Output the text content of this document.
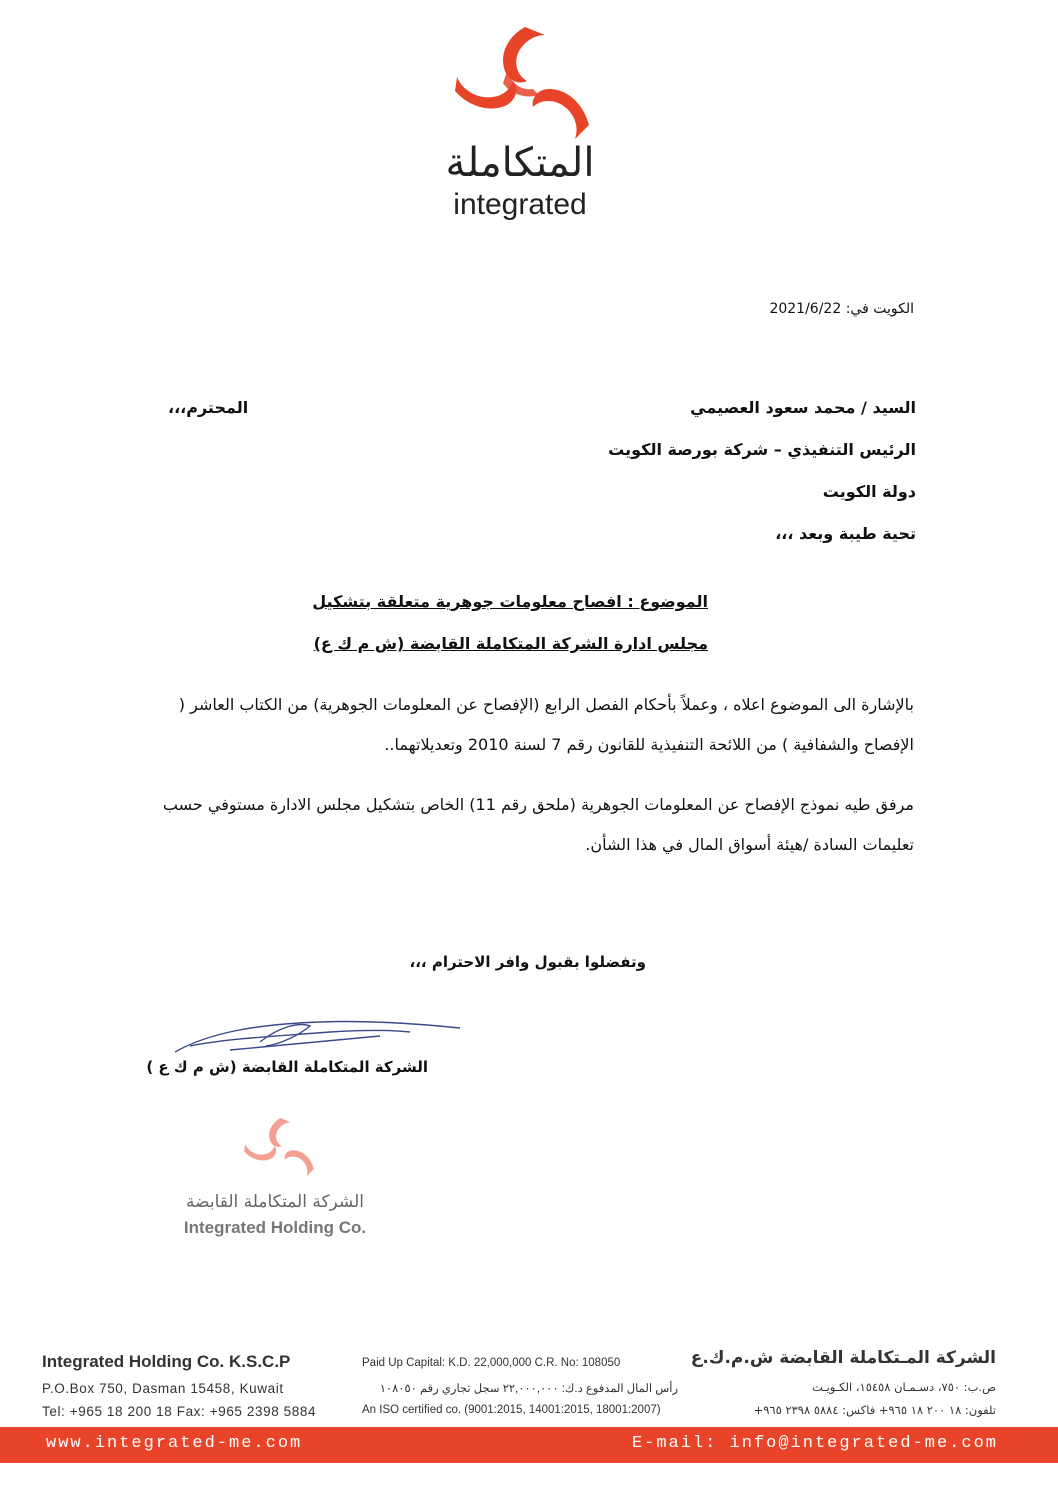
المتكاملة
integrated
الكويت في: 2021/6/22
السيد / محمد سعود العصيمي
المحترم،،،
الرئيس التنفيذي – شركة بورصة الكويت
دولة الكويت
تحية طيبة وبعد ،،،
الموضوع : افصاح معلومات جوهرية متعلقة بتشكيل
مجلس ادارة الشركة المتكاملة القابضة (ش م ك ع)
بالإشارة الى الموضوع اعلاه ، وعملاً بأحكام الفصل الرابع (الإفصاح عن المعلومات الجوهرية) من الكتاب العاشر ( الإفصاح والشفافية ) من اللائحة التنفيذية للقانون رقم 7 لسنة 2010 وتعديلاتهما..
مرفق طيه نموذج الإفصاح عن المعلومات الجوهرية (ملحق رقم 11) الخاص بتشكيل مجلس الادارة مستوفي حسب تعليمات السادة /هيئة أسواق المال في هذا الشأن.
وتفضلوا بقبول وافر الاحترام ،،،
الشركة المتكاملة القابضة (ش م ك ع )
الشركة المتكاملة القابضة
Integrated Holding Co.
Integrated Holding Co. K.S.C.P
P.O.Box 750, Dasman 15458, Kuwait
Tel: +965 18 200 18 Fax: +965 2398 5884
Paid Up Capital: K.D. 22,000,000 C.R. No: 108050
رأس المال المدفوع د.ك: ٢٢,٠٠٠,٠٠٠ سجل تجاري رقم ١٠٨٠٥٠
An ISO certified co. (9001:2015, 14001:2015, 18001:2007)
الشركة المـتكاملة القابضة ش.م.ك.ع
ص.ب: ٧٥٠، دسـمـان ١٥٤٥٨، الكـويـت
تلفون: ١٨ ٢٠٠ ١٨ ٩٦٥+ فاكس: ٥٨٨٤ ٢٣٩٨ ٩٦٥+
www.integrated-me.com	E-mail: info@integrated-me.com
